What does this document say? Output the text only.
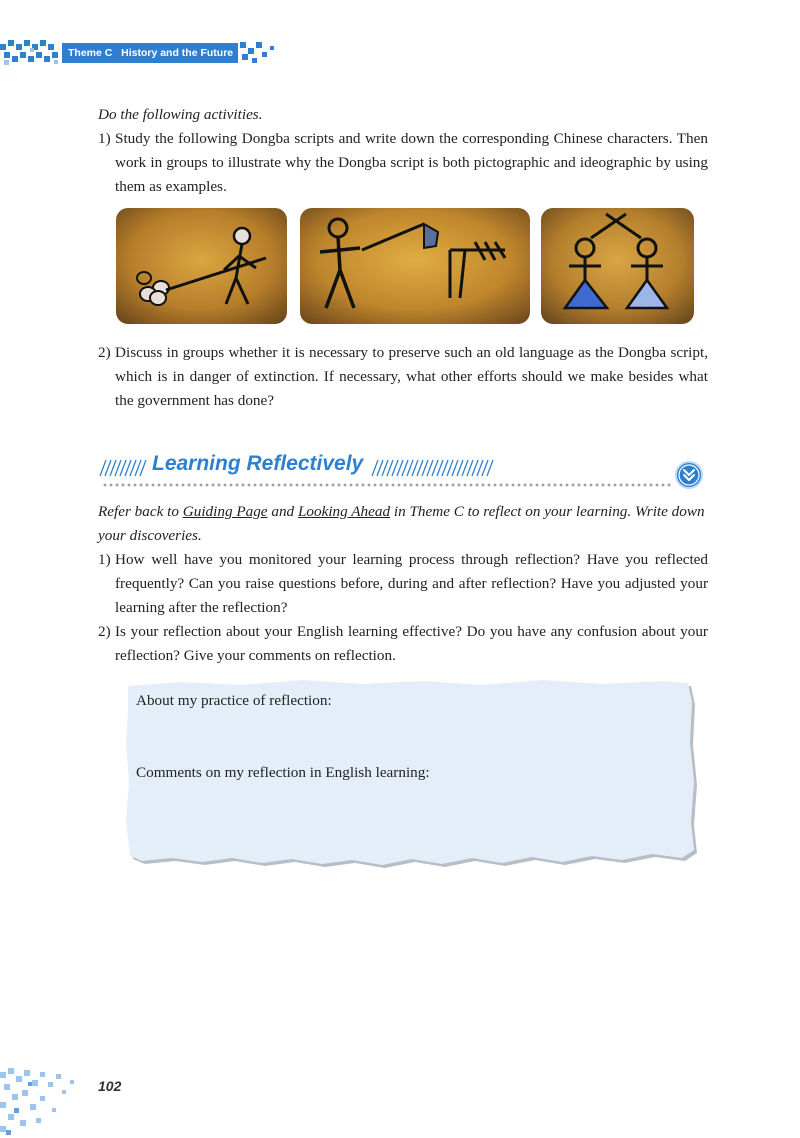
Theme C History and the Future
Do the following activities.
1) Study the following Dongba scripts and write down the corresponding Chinese characters. Then work in groups to illustrate why the Dongba script is both pictographic and ideographic by using them as examples.
2) Discuss in groups whether it is necessary to preserve such an old language as the Dongba script, which is in danger of extinction. If necessary, what other efforts should we make besides what the government has done?
Learning Reflectively
Refer back to Guiding Page and Looking Ahead in Theme C to reflect on your learning. Write down your discoveries.
1) How well have you monitored your learning process through reflection? Have you reflected frequently? Can you raise questions before, during and after reflection? Have you adjusted your learning after the reflection?
2) Is your reflection about your English learning effective? Do you have any confusion about your reflection? Give your comments on reflection.
About my practice of reflection:
Comments on my reflection in English learning:
102
